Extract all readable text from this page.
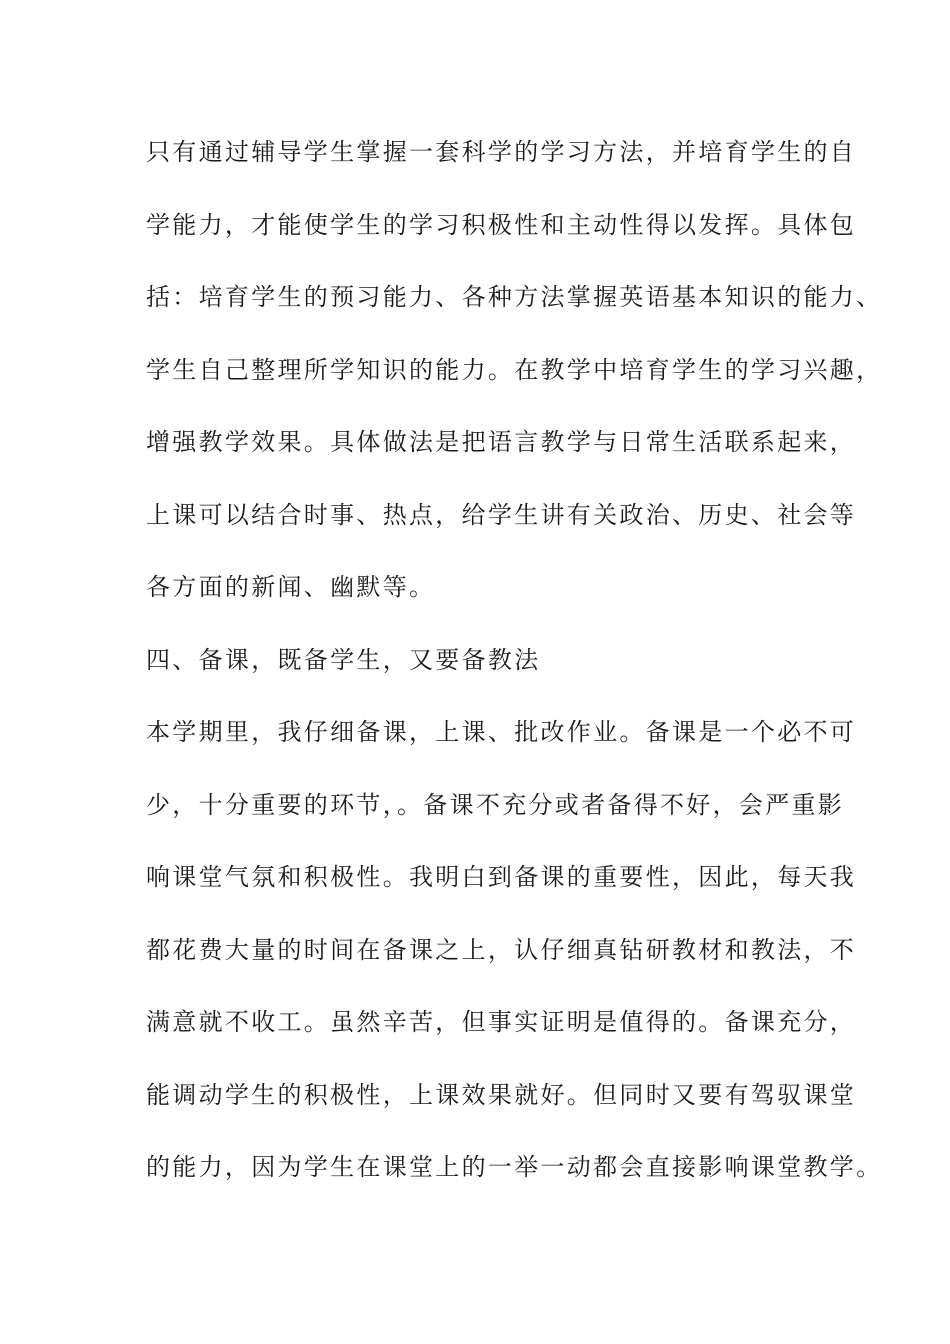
只有通过辅导学生掌握一套科学的学习方法，并培育学生的自
学能力，才能使学生的学习积极性和主动性得以发挥。具体包
括：培育学生的预习能力、各种方法掌握英语基本知识的能力、
学生自己整理所学知识的能力。在教学中培育学生的学习兴趣，
增强教学效果。具体做法是把语言教学与日常生活联系起来，
上课可以结合时事、热点，给学生讲有关政治、历史、社会等
各方面的新闻、幽默等。
四、备课，既备学生，又要备教法
本学期里，我仔细备课，上课、批改作业。备课是一个必不可
少，十分重要的环节，。备课不充分或者备得不好，会严重影
响课堂气氛和积极性。我明白到备课的重要性，因此，每天我
都花费大量的时间在备课之上，认仔细真钻研教材和教法，不
满意就不收工。虽然辛苦，但事实证明是值得的。备课充分，
能调动学生的积极性，上课效果就好。但同时又要有驾驭课堂
的能力，因为学生在课堂上的一举一动都会直接影响课堂教学。
